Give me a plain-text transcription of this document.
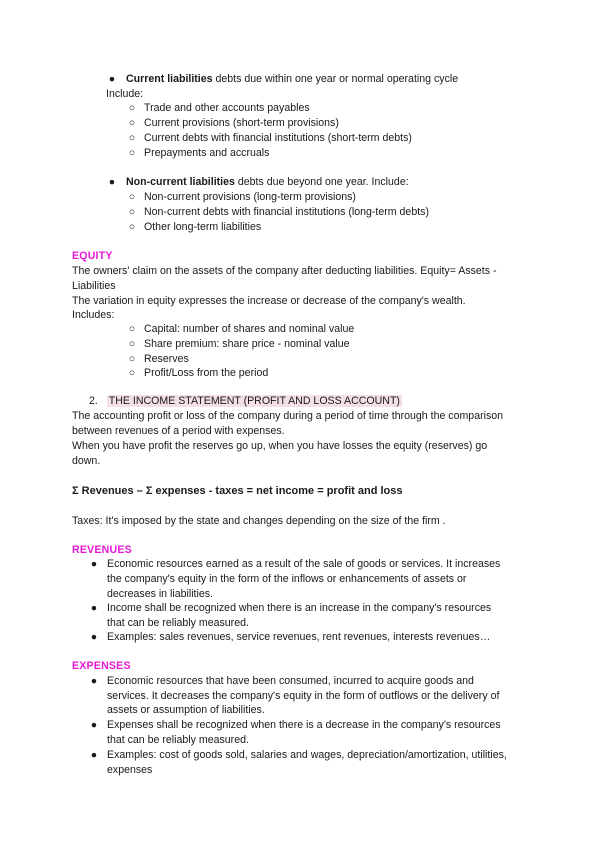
● Current liabilities debts due within one year or normal operating cycle
Include:
○ Trade and other accounts payables
○ Current provisions (short-term provisions)
○ Current debts with financial institutions (short-term debts)
○ Prepayments and accruals
● Non-current liabilities debts due beyond one year. Include:
○ Non-current provisions (long-term provisions)
○ Non-current debts with financial institutions (long-term debts)
○ Other long-term liabilities
EQUITY
The owners' claim on the assets of the company after deducting liabilities. Equity= Assets -
Liabilities
The variation in equity expresses the increase or decrease of the company's wealth.
Includes:
○ Capital: number of shares and nominal value
○ Share premium: share price - nominal value
○ Reserves
○ Profit/Loss from the period
2. THE INCOME STATEMENT (PROFIT AND LOSS ACCOUNT)
The accounting profit or loss of the company during a period of time through the comparison
between revenues of a period with expenses.
When you have profit the reserves go up, when you have losses the equity (reserves) go
down.
Σ Revenues – Σ expenses - taxes = net income = profit and loss
Taxes: It's imposed by the state and changes depending on the size of the firm .
REVENUES
● Economic resources earned as a result of the sale of goods or services. It increases
the company's equity in the form of the inflows or enhancements of assets or
decreases in liabilities.
● Income shall be recognized when there is an increase in the company's resources
that can be reliably measured.
● Examples: sales revenues, service revenues, rent revenues, interests revenues…
EXPENSES
● Economic resources that have been consumed, incurred to acquire goods and
services. It decreases the company's equity in the form of outflows or the delivery of
assets or assumption of liabilities.
● Expenses shall be recognized when there is a decrease in the company's resources
that can be reliably measured.
● Examples: cost of goods sold, salaries and wages, depreciation/amortization, utilities,
expenses
